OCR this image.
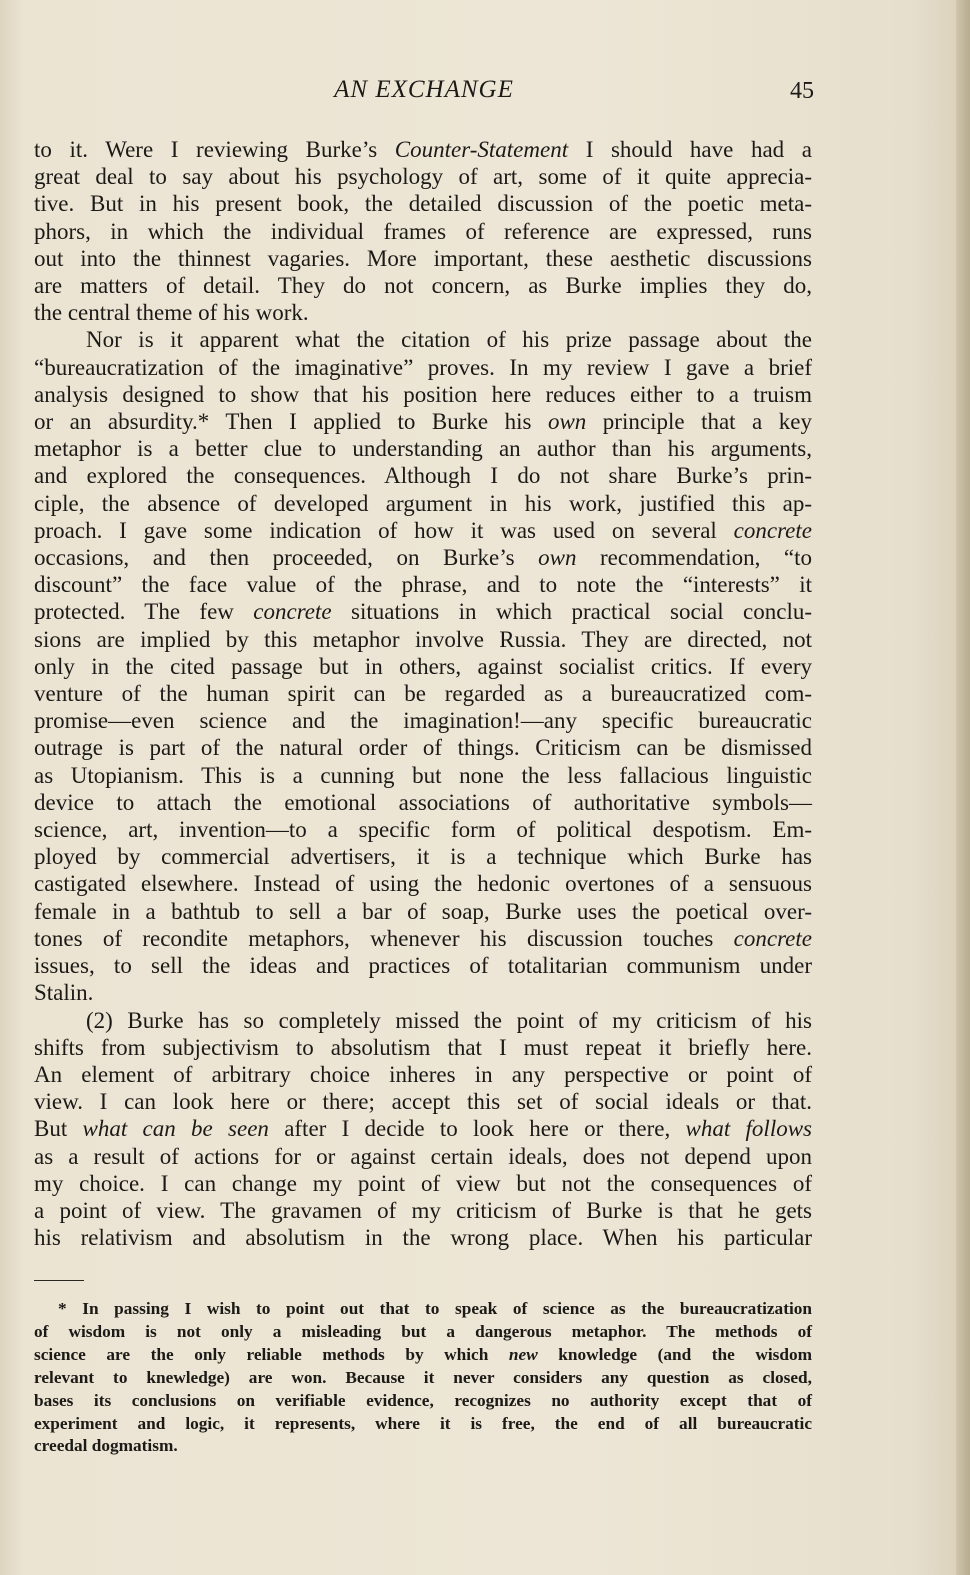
AN EXCHANGE	45
to it. Were I reviewing Burke’s Counter-Statement I should have had a
great deal to say about his psychology of art, some of it quite apprecia-
tive. But in his present book, the detailed discussion of the poetic meta-
phors, in which the individual frames of reference are expressed, runs
out into the thinnest vagaries. More important, these aesthetic discussions
are matters of detail. They do not concern, as Burke implies they do,
the central theme of his work.
Nor is it apparent what the citation of his prize passage about the
“bureaucratization of the imaginative” proves. In my review I gave a brief
analysis designed to show that his position here reduces either to a truism
or an absurdity.* Then I applied to Burke his own principle that a key
metaphor is a better clue to understanding an author than his arguments,
and explored the consequences. Although I do not share Burke’s prin-
ciple, the absence of developed argument in his work, justified this ap-
proach. I gave some indication of how it was used on several concrete
occasions, and then proceeded, on Burke’s own recommendation, “to
discount” the face value of the phrase, and to note the “interests” it
protected. The few concrete situations in which practical social conclu-
sions are implied by this metaphor involve Russia. They are directed, not
only in the cited passage but in others, against socialist critics. If every
venture of the human spirit can be regarded as a bureaucratized com-
promise—even science and the imagination!—any specific bureaucratic
outrage is part of the natural order of things. Criticism can be dismissed
as Utopianism. This is a cunning but none the less fallacious linguistic
device to attach the emotional associations of authoritative symbols—
science, art, invention—to a specific form of political despotism. Em-
ployed by commercial advertisers, it is a technique which Burke has
castigated elsewhere. Instead of using the hedonic overtones of a sensuous
female in a bathtub to sell a bar of soap, Burke uses the poetical over-
tones of recondite metaphors, whenever his discussion touches concrete
issues, to sell the ideas and practices of totalitarian communism under
Stalin.
(2) Burke has so completely missed the point of my criticism of his
shifts from subjectivism to absolutism that I must repeat it briefly here.
An element of arbitrary choice inheres in any perspective or point of
view. I can look here or there; accept this set of social ideals or that.
But what can be seen after I decide to look here or there, what follows
as a result of actions for or against certain ideals, does not depend upon
my choice. I can change my point of view but not the consequences of
a point of view. The gravamen of my criticism of Burke is that he gets
his relativism and absolutism in the wrong place. When his particular
* In passing I wish to point out that to speak of science as the bureaucratization
of wisdom is not only a misleading but a dangerous metaphor. The methods of
science are the only reliable methods by which new knowledge (and the wisdom
relevant to knewledge) are won. Because it never considers any question as closed,
bases its conclusions on verifiable evidence, recognizes no authority except that of
experiment and logic, it represents, where it is free, the end of all bureaucratic
creedal dogmatism.
